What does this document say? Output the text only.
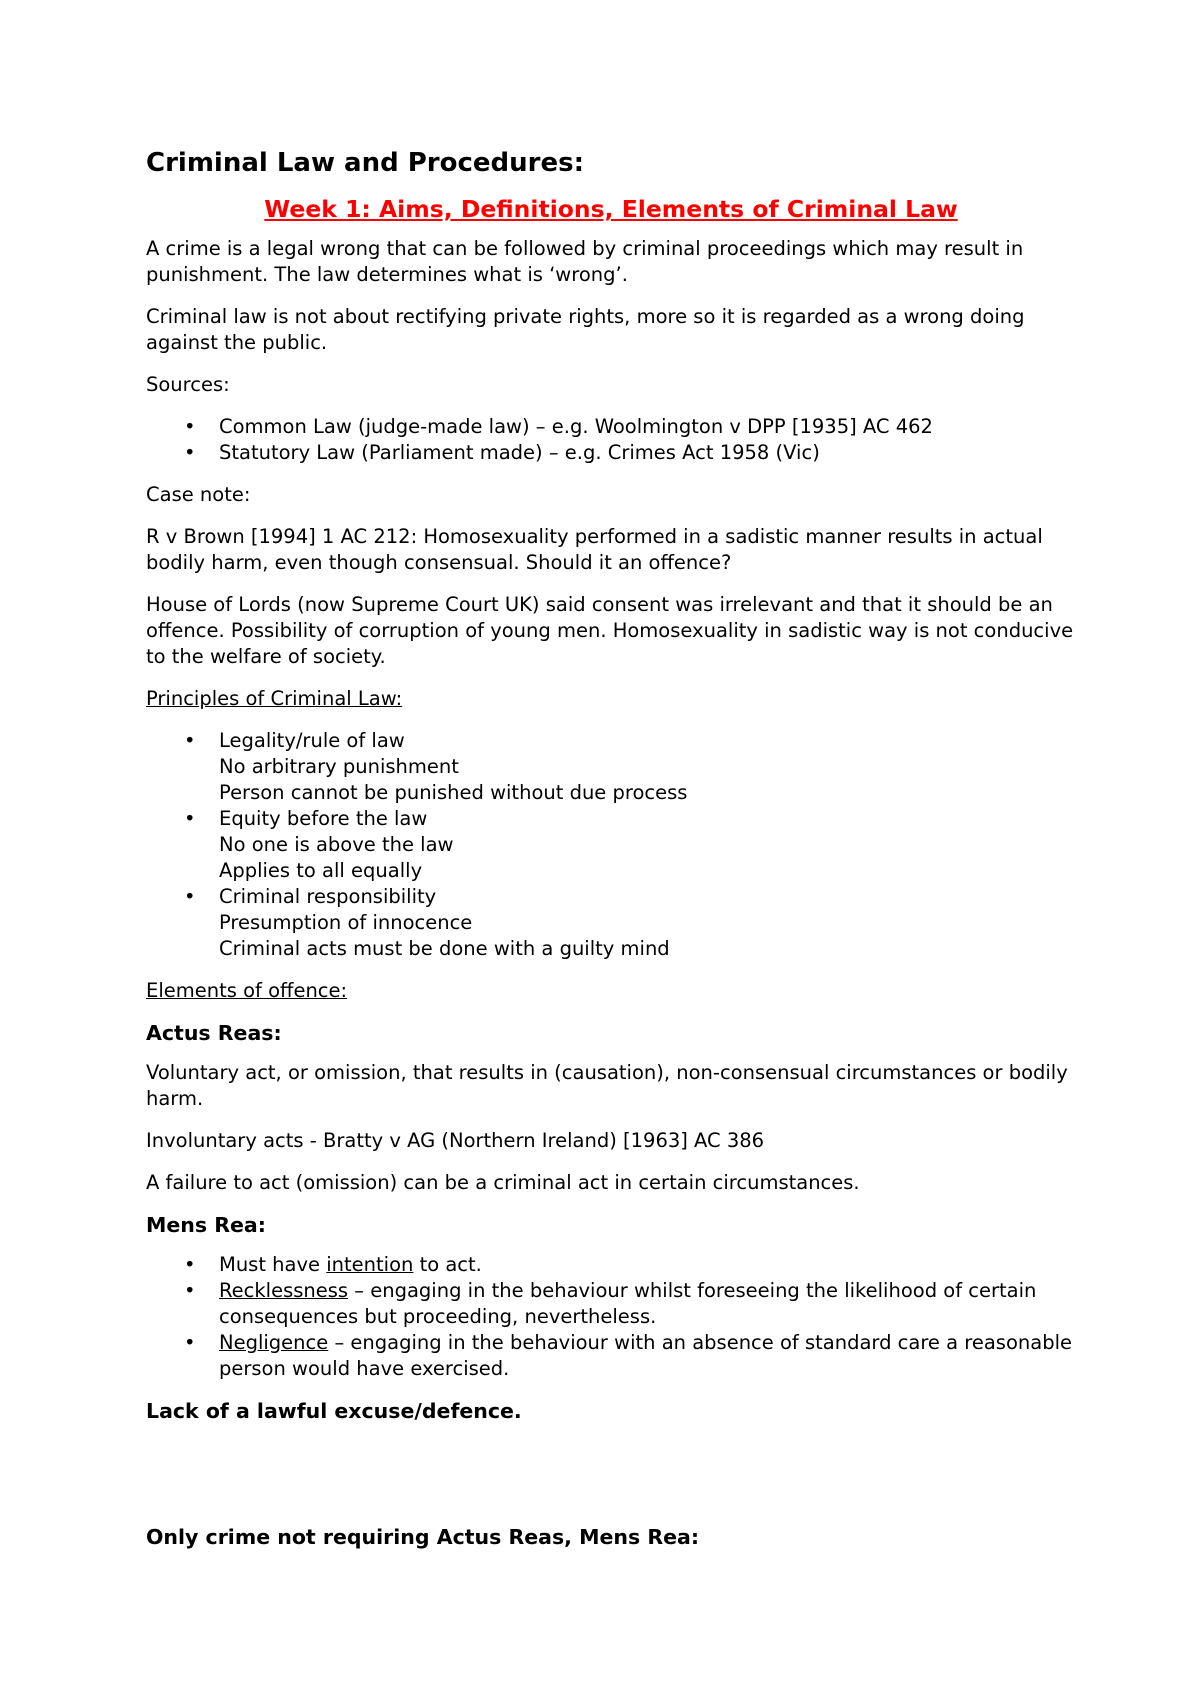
Criminal Law and Procedures:
Week 1: Aims, Definitions, Elements of Criminal Law

A crime is a legal wrong that can be followed by criminal proceedings which may result in punishment. The law determines what is ‘wrong’.

Criminal law is not about rectifying private rights, more so it is regarded as a wrong doing against the public.

Sources:

• Common Law (judge-made law) – e.g. Woolmington v DPP [1935] AC 462
• Statutory Law (Parliament made) – e.g. Crimes Act 1958 (Vic)

Case note:

R v Brown [1994] 1 AC 212: Homosexuality performed in a sadistic manner results in actual bodily harm, even though consensual. Should it an offence?

House of Lords (now Supreme Court UK) said consent was irrelevant and that it should be an offence. Possibility of corruption of young men. Homosexuality in sadistic way is not conducive to the welfare of society.

Principles of Criminal Law:

• Legality/rule of law
No arbitrary punishment
Person cannot be punished without due process
• Equity before the law
No one is above the law
Applies to all equally
• Criminal responsibility
Presumption of innocence
Criminal acts must be done with a guilty mind

Elements of offence:

Actus Reas:

Voluntary act, or omission, that results in (causation), non-consensual circumstances or bodily harm.

Involuntary acts - Bratty v AG (Northern Ireland) [1963] AC 386

A failure to act (omission) can be a criminal act in certain circumstances.

Mens Rea:
• Must have intention to act.
• Recklessness – engaging in the behaviour whilst foreseeing the likelihood of certain consequences but proceeding, nevertheless.
• Negligence – engaging in the behaviour with an absence of standard care a reasonable person would have exercised.
Lack of a lawful excuse/defence.
Only crime not requiring Actus Reas, Mens Rea:
